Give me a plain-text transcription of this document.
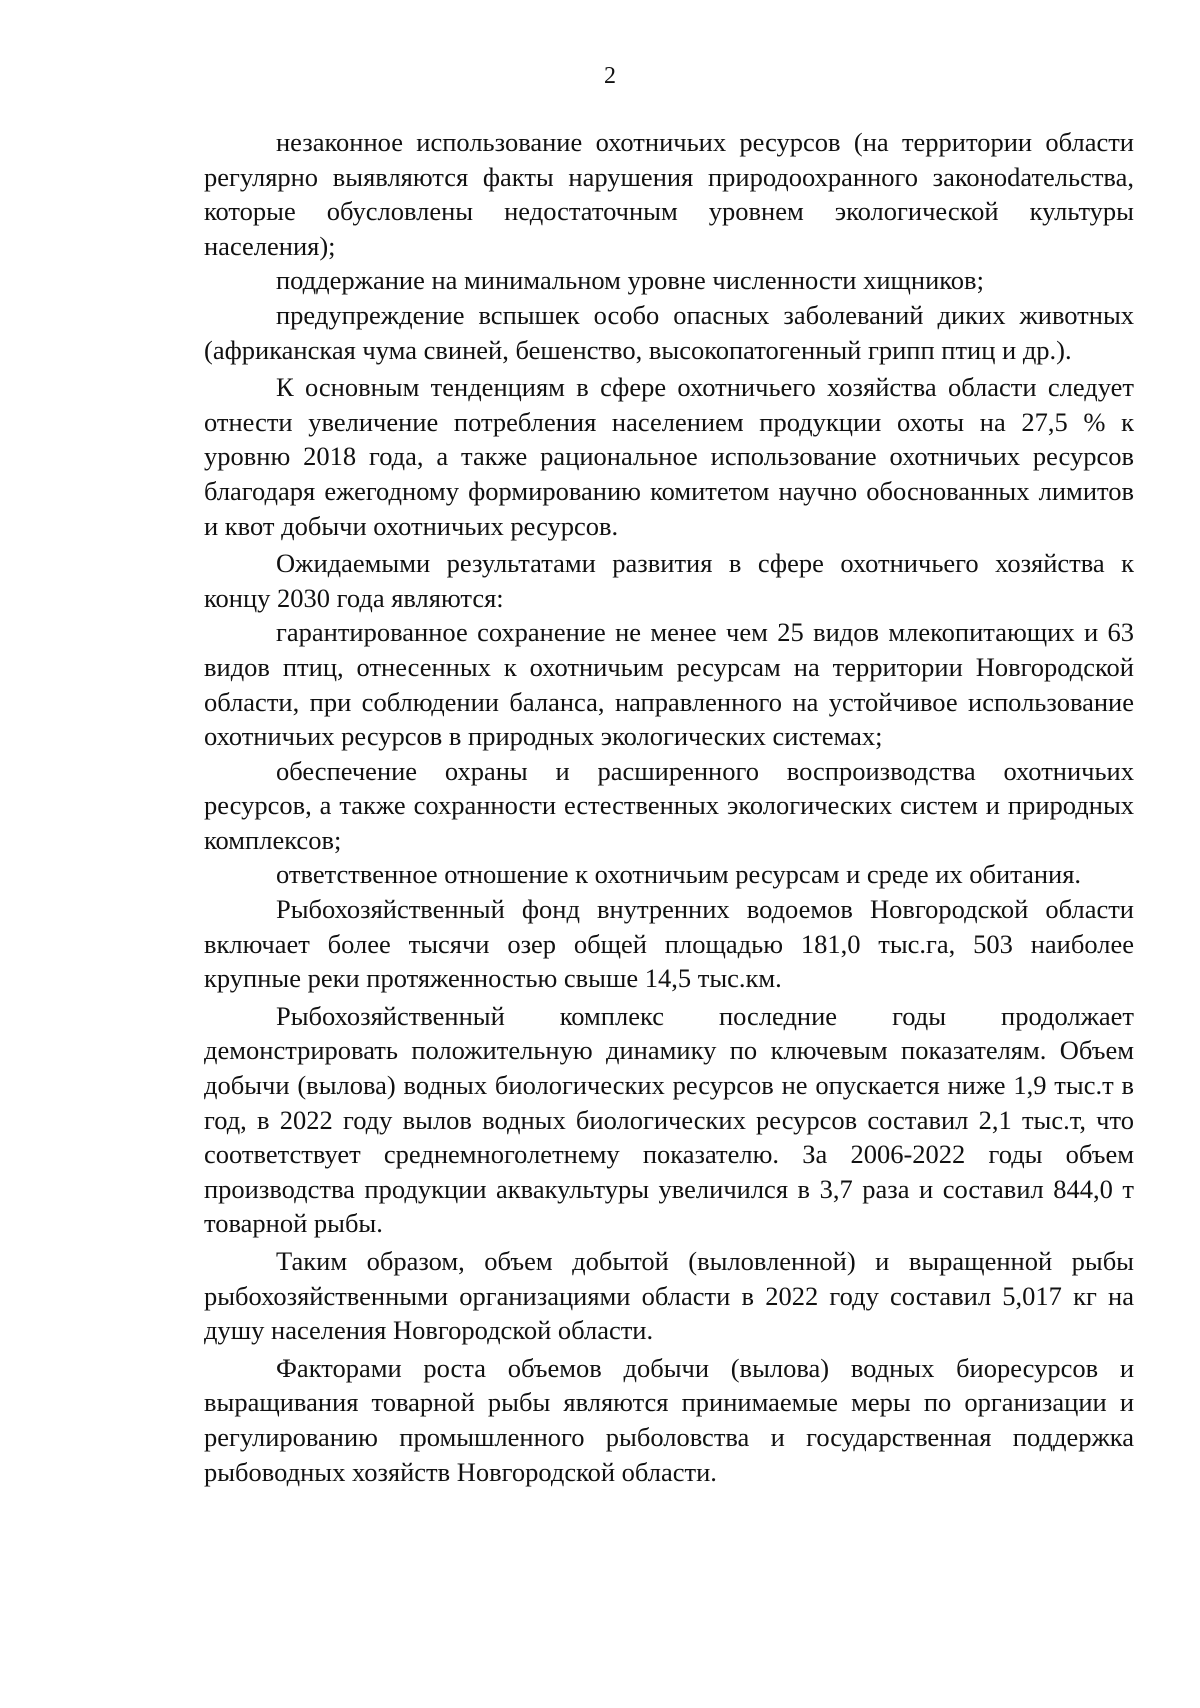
2

незаконное использование охотничьих ресурсов (на территории области регулярно выявляются факты нарушения природоохранного законоdательства, которые обусловлены недостаточным уровнем экологической культуры населения);

поддержание на минимальном уровне численности хищников;

предупреждение вспышек особо опасных заболеваний диких животных (африканская чума свиней, бешенство, высокопатогенный грипп птиц и др.).

К основным тенденциям в сфере охотничьего хозяйства области следует отнести увеличение потребления населением продукции охоты на 27,5 % к уровню 2018 года, а также рациональное использование охотничьих ресурсов благодаря ежегодному формированию комитетом научно обоснованных лимитов и квот добычи охотничьих ресурсов.

Ожидаемыми результатами развития в сфере охотничьего хозяйства к концу 2030 года являются:

гарантированное сохранение не менее чем 25 видов млекопитающих и 63 видов птиц, отнесенных к охотничьим ресурсам на территории Новгородской области, при соблюдении баланса, направленного на устойчивое использование охотничьих ресурсов в природных экологических системах;

обеспечение охраны и расширенного воспроизводства охотничьих ресурсов, а также сохранности естественных экологических систем и природных комплексов;

ответственное отношение к охотничьим ресурсам и среде их обитания.

Рыбохозяйственный фонд внутренних водоемов Новгородской области включает более тысячи озер общей площадью 181,0 тыс.га, 503 наиболее крупные реки протяженностью свыше 14,5 тыс.км.

Рыбохозяйственный комплекс последние годы продолжает демонстрировать положительную динамику по ключевым показателям. Объем добычи (вылова) водных биологических ресурсов не опускается ниже 1,9 тыс.т в год, в 2022 году вылов водных биологических ресурсов составил 2,1 тыс.т, что соответствует среднемноголетнему показателю. За 2006-2022 годы объем производства продукции аквакультуры увеличился в 3,7 раза и составил 844,0 т товарной рыбы.

Таким образом, объем добытой (выловленной) и выращенной рыбы рыбохозяйственными организациями области в 2022 году составил 5,017 кг на душу населения Новгородской области.

Факторами роста объемов добычи (вылова) водных биоресурсов и выращивания товарной рыбы являются принимаемые меры по организации и регулированию промышленного рыболовства и государственная поддержка рыбоводных хозяйств Новгородской области.
